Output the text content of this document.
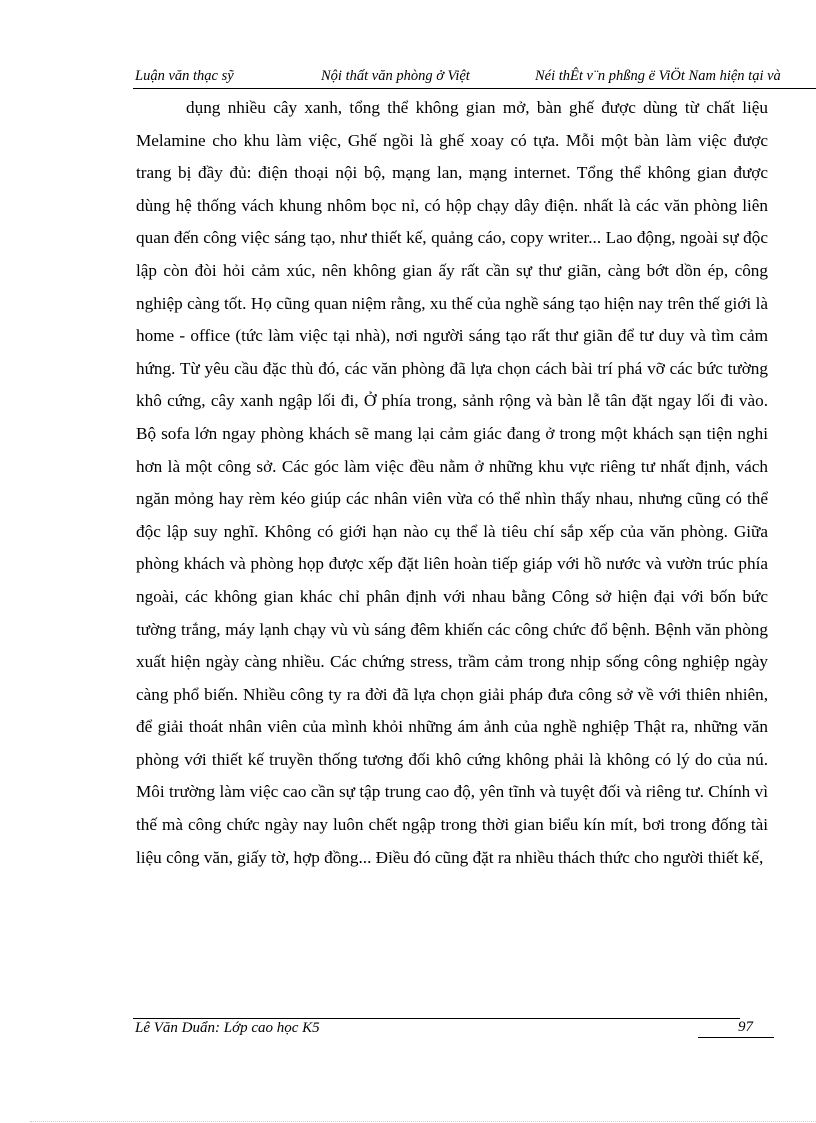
Luận văn thạc sỹ	Nội thất văn phòng ở Việt	Néi thÊt v¨n phßng ë ViÖt Nam hiện tại và

dụng nhiều cây xanh, tổng thể không gian mở, bàn ghế được dùng từ chất liệu Melamine cho khu làm việc, Ghế ngồi là ghế xoay có tựa. Mỗi một bàn làm việc được trang bị đầy đủ: điện thoại nội bộ, mạng lan, mạng internet. Tổng thể không gian được dùng hệ thống vách khung nhôm bọc nỉ, có hộp chạy dây điện. nhất là các văn phòng liên quan đến công việc sáng tạo, như thiết kế, quảng cáo, copy writer... Lao động, ngoài sự độc lập còn đòi hỏi cảm xúc, nên không gian ấy rất cần sự thư giãn, càng bớt dồn ép, công nghiệp càng tốt. Họ cũng quan niệm rằng, xu thế của nghề sáng tạo hiện nay trên thế giới là home - office (tức làm việc tại nhà), nơi người sáng tạo rất thư giãn để tư duy và tìm cảm hứng. Từ yêu cầu đặc thù đó, các văn phòng đã lựa chọn cách bài trí phá vỡ các bức tường khô cứng, cây xanh ngập lối đi, Ở phía trong, sảnh rộng và bàn lễ tân đặt ngay lối đi vào. Bộ sofa lớn ngay phòng khách sẽ mang lại cảm giác đang ở trong một khách sạn tiện nghi hơn là một công sở. Các góc làm việc đều nằm ở những khu vực riêng tư nhất định, vách ngăn mỏng hay rèm kéo giúp các nhân viên vừa có thể nhìn thấy nhau, nhưng cũng có thể độc lập suy nghĩ. Không có giới hạn nào cụ thể là tiêu chí sắp xếp của văn phòng. Giữa phòng khách và phòng họp được xếp đặt liên hoàn tiếp giáp với hồ nước và vườn trúc phía ngoài, các không gian khác chỉ phân định với nhau bằng Công sở hiện đại với bốn bức tường trắng, máy lạnh chạy vù vù sáng đêm khiến các công chức đổ bệnh. Bệnh văn phòng xuất hiện ngày càng nhiều. Các chứng stress, trầm cảm trong nhịp sống công nghiệp ngày càng phổ biến. Nhiều công ty ra đời đã lựa chọn giải pháp đưa công sở về với thiên nhiên, để giải thoát nhân viên của mình khỏi những ám ảnh của nghề nghiệp Thật ra, những văn phòng với thiết kế truyền thống tương đối khô cứng không phải là không có lý do của nú. Môi trường làm việc cao cần sự tập trung cao độ, yên tĩnh và tuyệt đối và riêng tư. Chính vì thế mà công chức ngày nay luôn chết ngập trong thời gian biểu kín mít, bơi trong đống tài liệu công văn, giấy tờ, hợp đồng... Điều đó cũng đặt ra nhiều thách thức cho người thiết kế,

Lê Văn Duẩn: Lớp cao học K5	97
